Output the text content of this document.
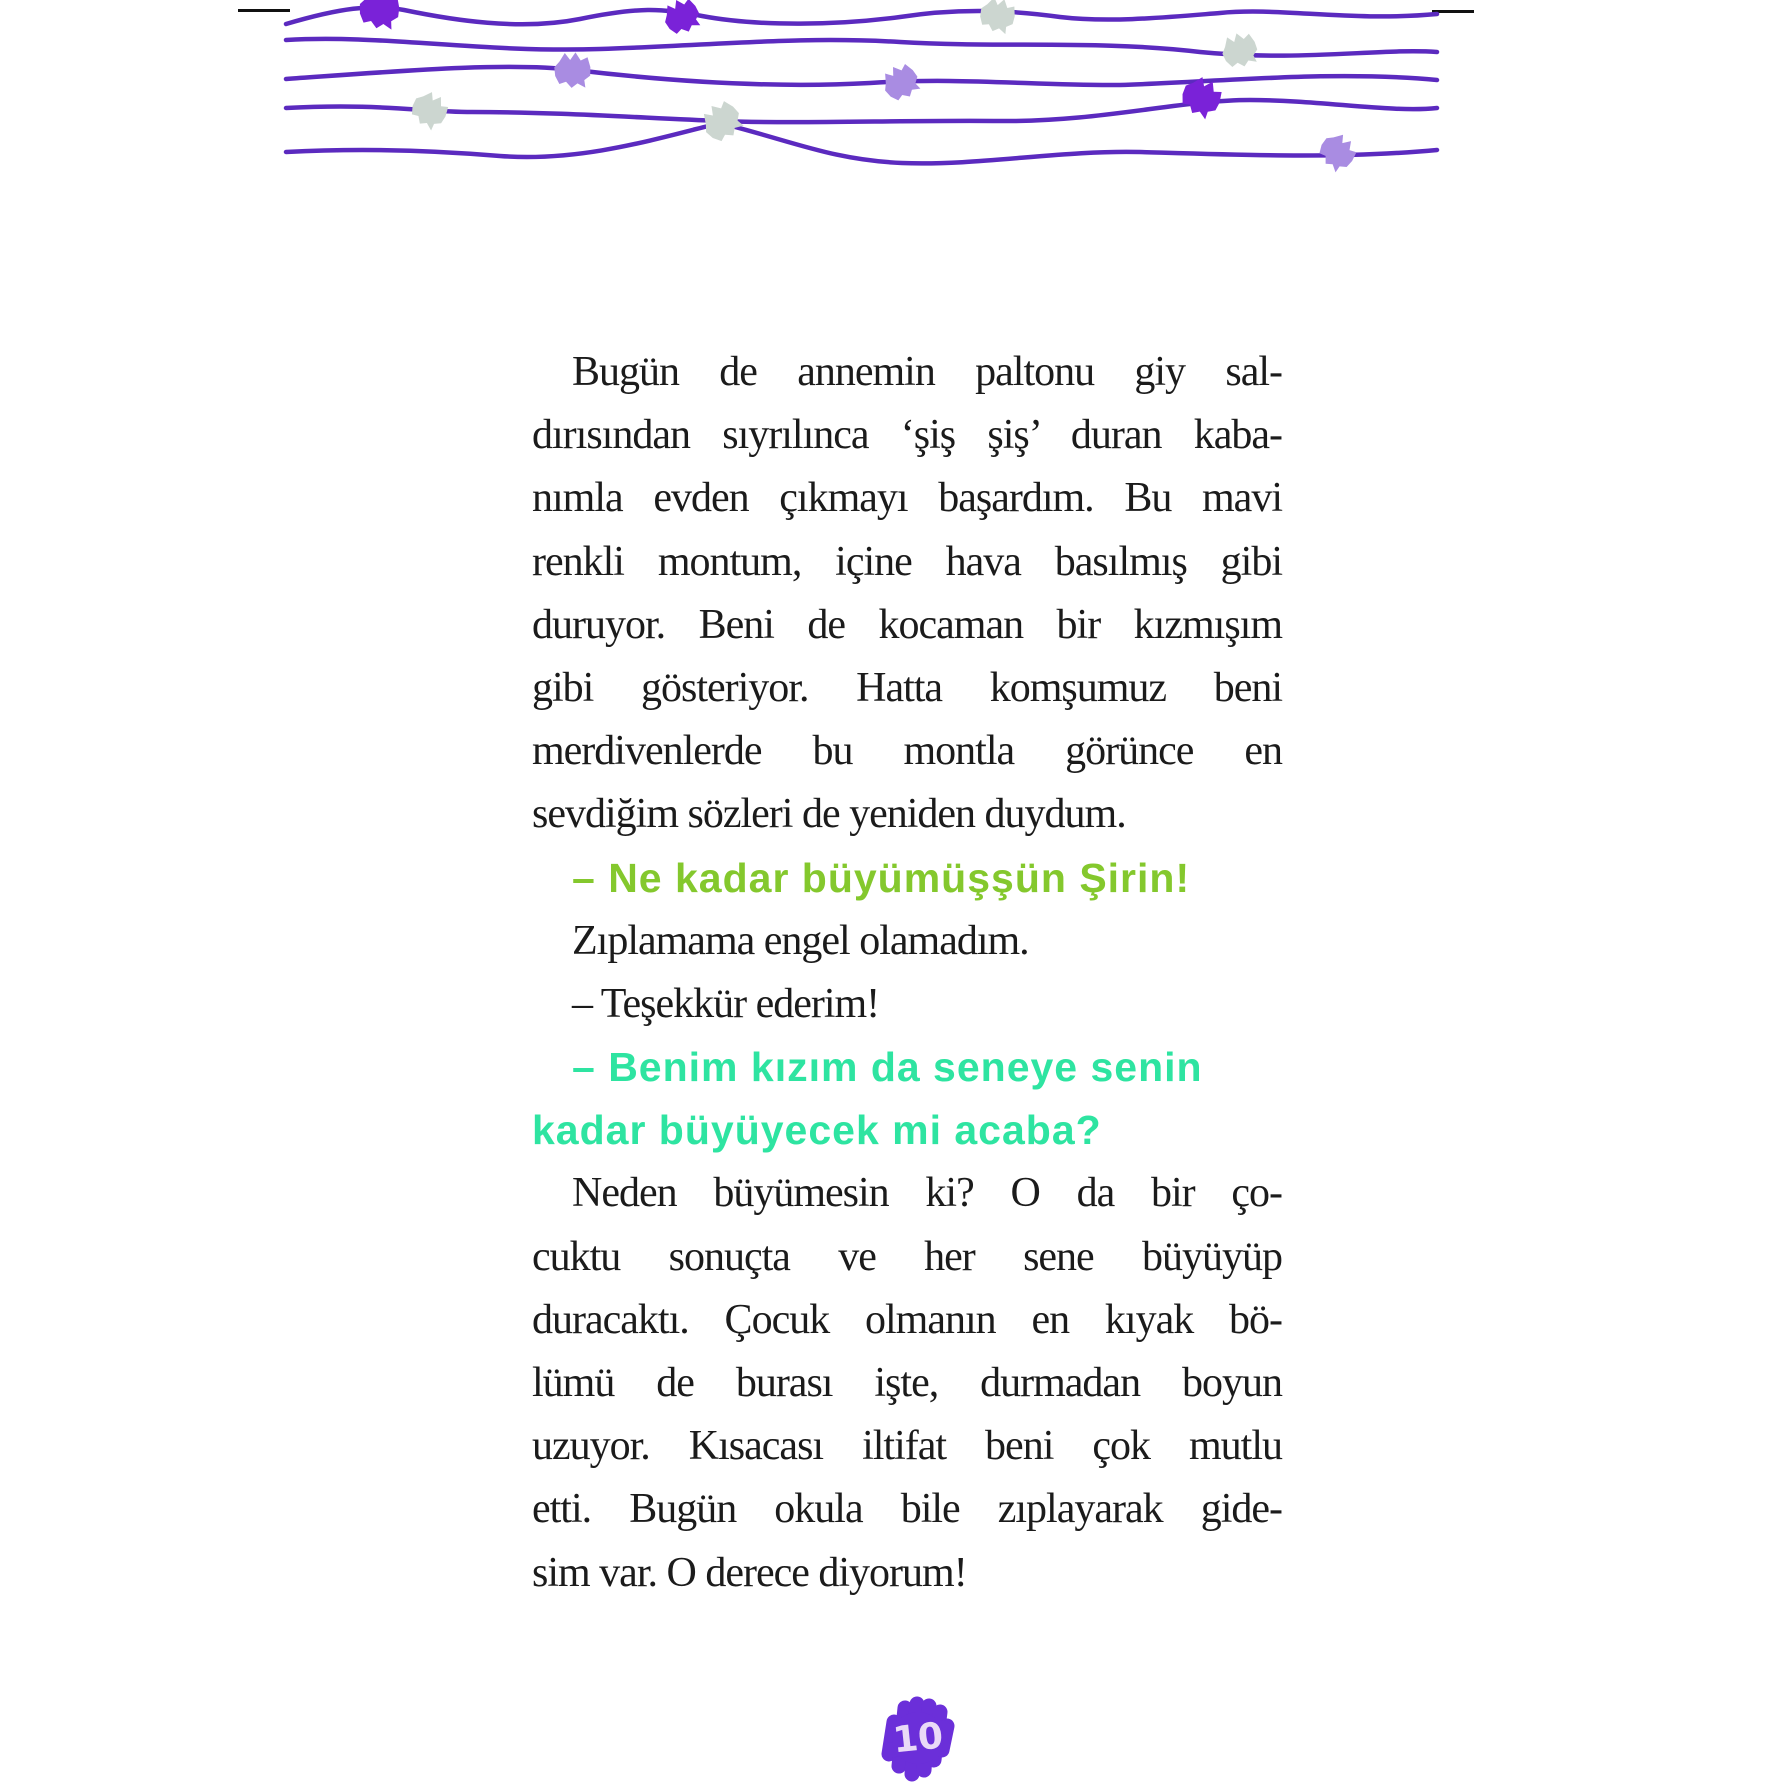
Bugün de annemin paltonu giy sal-
dırısından sıyrılınca ‘şiş şiş’ duran kaba-
nımla evden çıkmayı başardım. Bu mavi
renkli montum, içine hava basılmış gibi
duruyor. Beni de kocaman bir kızmışım
gibi gösteriyor. Hatta komşumuz beni
merdivenlerde bu montla görünce en
sevdiğim sözleri de yeniden duydum.
– Ne kadar büyümüşşün Şirin!
Zıplamama engel olamadım.
– Teşekkür ederim!
– Benim kızım da seneye senin
kadar büyüyecek mi acaba?
Neden büyümesin ki? O da bir ço-
cuktu sonuçta ve her sene büyüyüp
duracaktı. Çocuk olmanın en kıyak bö-
lümü de burası işte, durmadan boyun
uzuyor. Kısacası iltifat beni çok mutlu
etti. Bugün okula bile zıplayarak gide-
sim var. O derece diyorum!
10
